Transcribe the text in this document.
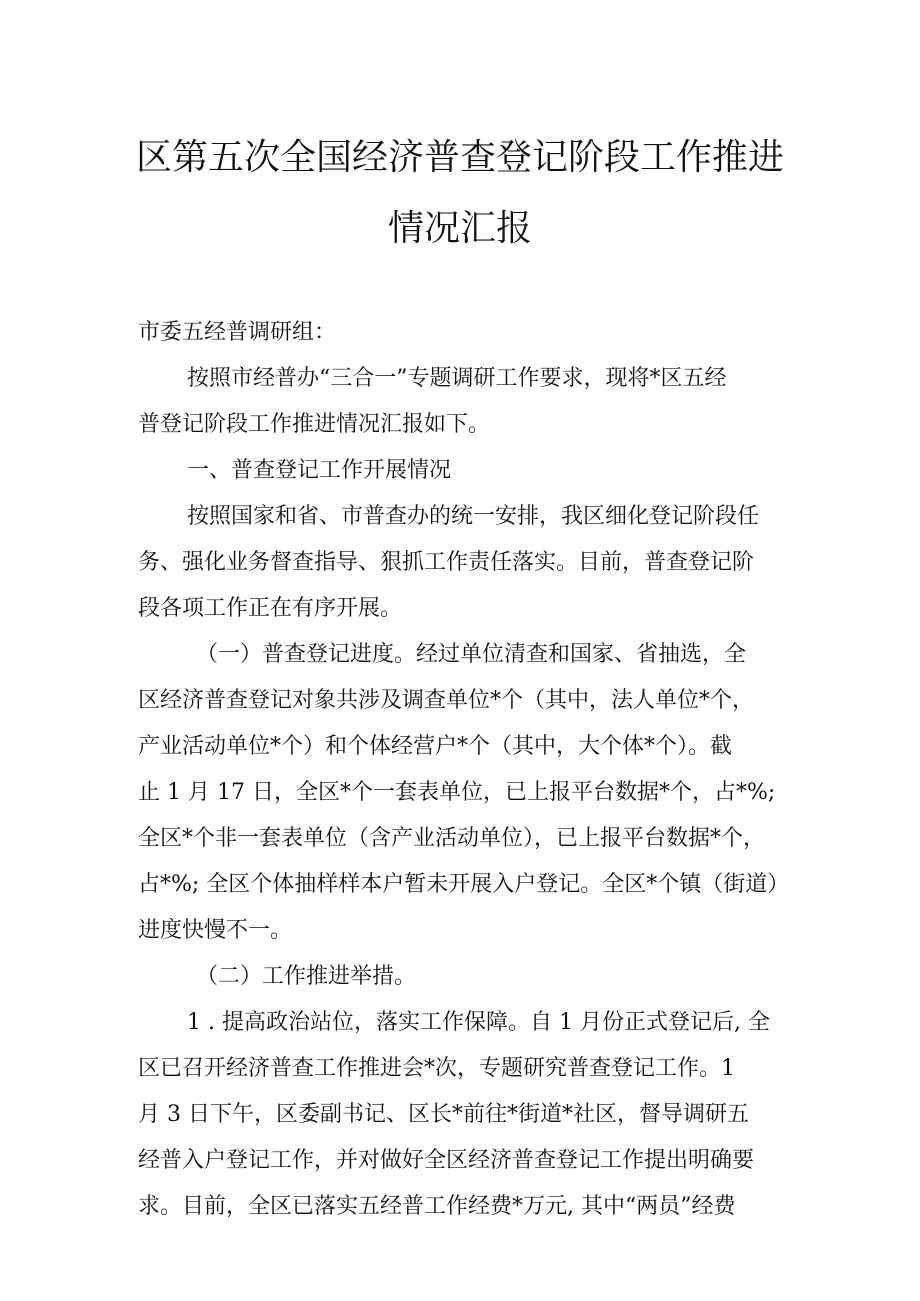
区第五次全国经济普查登记阶段工作推进
情况汇报
市委五经普调研组：
按照市经普办“三合一”专题调研工作要求，现将*区五经
普登记阶段工作推进情况汇报如下。
一、普查登记工作开展情况
按照国家和省、市普查办的统一安排，我区细化登记阶段任
务、强化业务督查指导、狠抓工作责任落实。目前，普查登记阶
段各项工作正在有序开展。
（一）普查登记进度。经过单位清查和国家、省抽选，全
区经济普查登记对象共涉及调查单位*个（其中，法人单位*个，
产业活动单位*个）和个体经营户*个（其中，大个体*个）。截
止 1 月 17 日，全区*个一套表单位，已上报平台数据*个，占*%;
全区*个非一套表单位（含产业活动单位），已上报平台数据*个，
占*%; 全区个体抽样样本户暂未开展入户登记。全区*个镇（街道）
进度快慢不一。
（二）工作推进举措。
1 . 提高政治站位，落实工作保障。自 1 月份正式登记后, 全
区已召开经济普查工作推进会*次，专题研究普查登记工作。1
月 3 日下午，区委副书记、区长*前往*街道*社区，督导调研五
经普入户登记工作，并对做好全区经济普查登记工作提出明确要
求。目前，全区已落实五经普工作经费*万元, 其中“两员”经费
